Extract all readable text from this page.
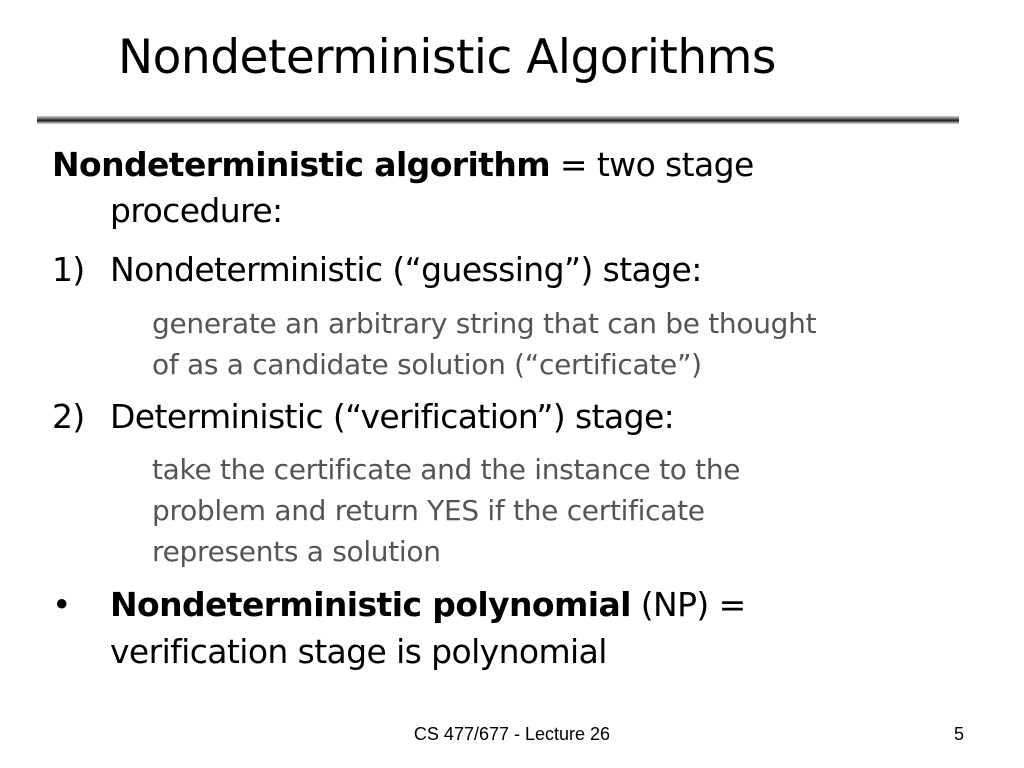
Nondeterministic Algorithms
Nondeterministic algorithm = two stage
procedure:
1) Nondeterministic (“guessing”) stage:
generate an arbitrary string that can be thought
of as a candidate solution (“certificate”)
2) Deterministic (“verification”) stage:
take the certificate and the instance to the
problem and return YES if the certificate
represents a solution
• Nondeterministic polynomial (NP) =
verification stage is polynomial
CS 477/677 - Lecture 26	5
